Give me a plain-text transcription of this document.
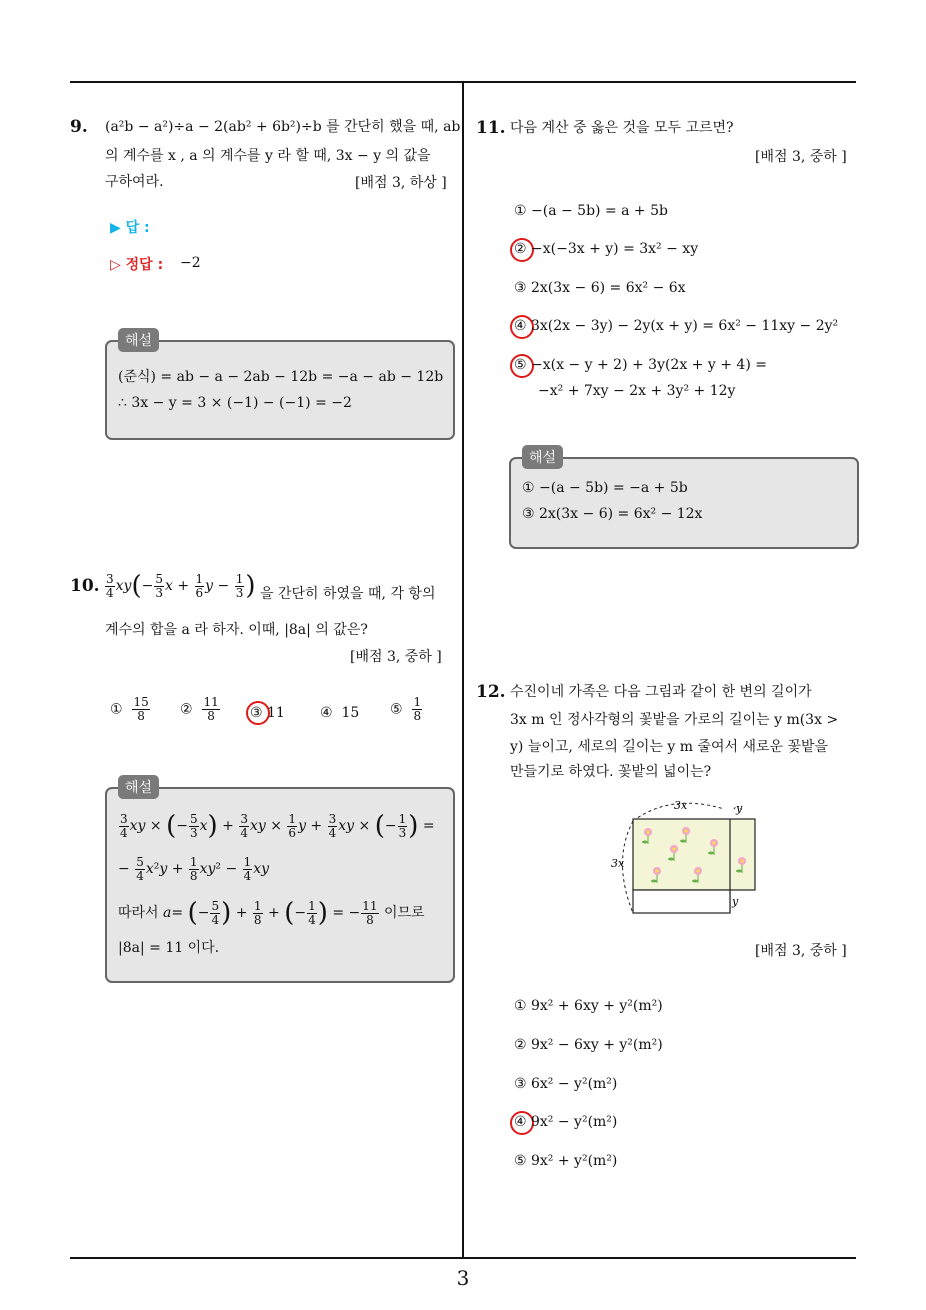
3
9. (a²b − a²)÷a − 2(ab² + 6b²)÷b 를 간단히 했을 때, ab
의 계수를 x , a 의 계수를 y 라 할 때, 3x − y 의 값을
구하여라.	[배점 3, 하상 ]
▶ 답 :
▷ 정답 : −2
해설
(준식) = ab − a − 2ab − 12b = −a − ab − 12b
∴ 3x − y = 3 × (−1) − (−1) = −2
10. $\frac{3}{4} xy(- \frac{5}{3}$ $x + \frac{1}{6}$ $y - \frac{1}{3}$ ) 을 간단히 하였을 때, 각 항의
계수의 합을 a 라 하자. 이때, |8a| 의 값은?
[배점 3, 중하 ]
① $\frac{15}{8}$ ② $\frac{11}{8}$ ③ 11	④ 15 ⑤ $\frac{1}{8}$
해설
$\frac{3}{4}$ xy × (− $\frac{5}{3} x) + \frac{3}{4}$ xy × $\frac{1}{6}$ $y + \frac{3}{4}$ xy × (− $\frac{1}{3}$ ) =
− $\frac{5}{4} x^2y + \frac{1}{8} xy^2 - \frac{1}{4}$ xy
따라서 a= (− $\frac{5}{4}$ ) + $\frac{1}{8}$ + (− $\frac{1}{4}$ ) = − $\frac{11}{8}$ 이므로
|8a| = 11 이다.
11. 다음 계산 중 옳은 것을 모두 고르면?
[배점 3, 중하 ]
① −(a − 5b) = a + 5b
② −x(−3x + y) = 3x² − xy
③ 2x(3x − 6) = 6x² − 6x
④ 3x(2x − 3y) − 2y(x + y) = 6x² − 11xy − 2y²
⑤ −x(x − y + 2) + 3y(2x + y + 4) =
−x² + 7xy − 2x + 3y² + 12y
해설
① −(a − 5b) = −a + 5b
③ 2x(3x − 6) = 6x² − 12x
12. 수진이네 가족은 다음 그림과 같이 한 변의 길이가
3x m 인 정사각형의 꽃밭을 가로의 길이는 y m(3x >
y) 늘이고, 세로의 길이는 y m 줄여서 새로운 꽃밭을
만들기로 하였다. 꽃밭의 넓이는?
3x	y
3x
y
[배점 3, 중하 ]
① 9x² + 6xy + y²(m²)
② 9x² − 6xy + y²(m²)
③ 6x² − y²(m²)
④ 9x² − y²(m²)
⑤ 9x² + y²(m²)
